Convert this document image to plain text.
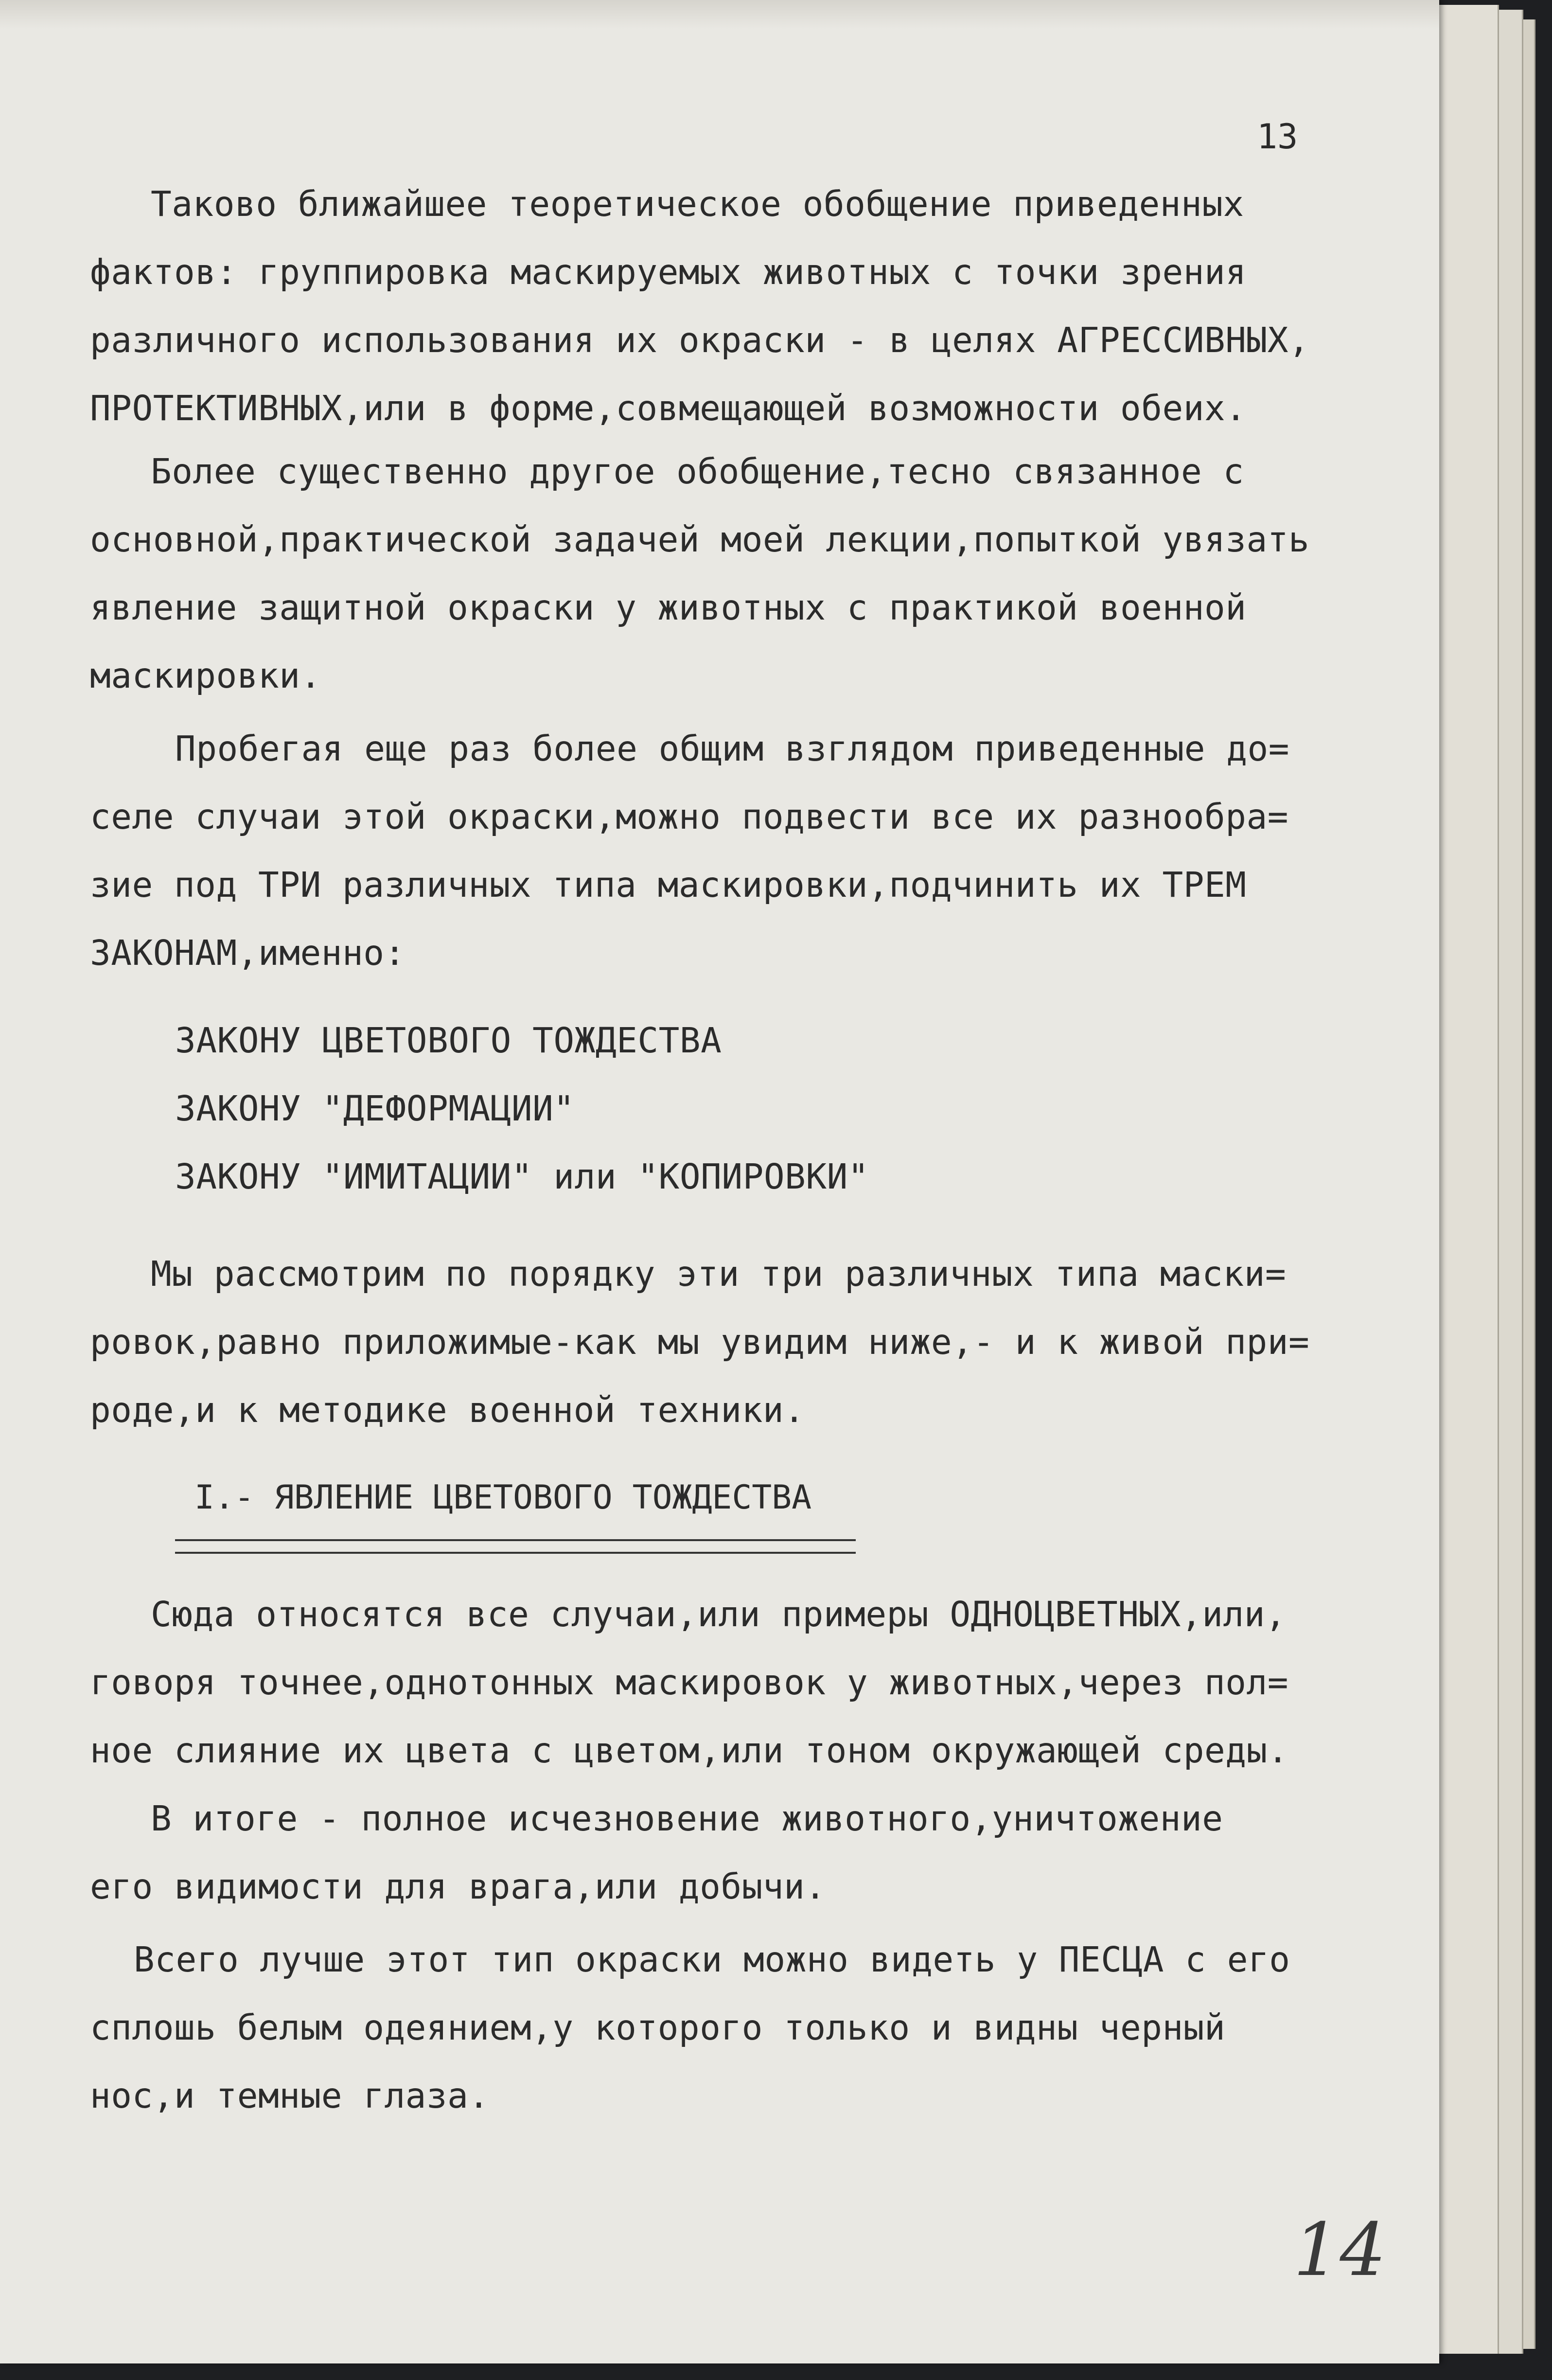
13
Таково ближайшее теоретическое обобщение приведенных
фактов: группировка маскируемых животных с точки зрения
различного использования их окраски - в целях АГРЕССИВНЫХ,
ПРОТЕКТИВНЫХ,или в форме,совмещающей возможности обеих.
Более существенно другое обобщение,тесно связанное с
основной,практической задачей моей лекции,попыткой увязать
явление защитной окраски у животных с практикой военной
маскировки.
Пробегая еще раз более общим взглядом приведенные до=
селе случаи этой окраски,можно подвести все их разнообра=
зие под ТРИ различных типа маскировки,подчинить их ТРЕМ
ЗАКОНАМ,именно:
ЗАКОНУ ЦВЕТОВОГО ТОЖДЕСТВА
ЗАКОНУ "ДЕФОРМАЦИИ"
ЗАКОНУ "ИМИТАЦИИ" или "КОПИРОВКИ"
Мы рассмотрим по порядку эти три различных типа маски=
ровок,равно приложимые-как мы увидим ниже,- и к живой при=
роде,и к методике военной техники.
I.- ЯВЛЕНИЕ ЦВЕТОВОГО ТОЖДЕСТВА
Сюда относятся все случаи,или примеры ОДНОЦВЕТНЫХ,или,
говоря точнее,однотонных маскировок у животных,через пол=
ное слияние их цвета с цветом,или тоном окружающей среды.
В итоге - полное исчезновение животного,уничтожение
его видимости для врага,или добычи.
Всего лучше этот тип окраски можно видеть у ПЕСЦА с его
сплошь белым одеянием,у которого только и видны черный
нос,и темные глаза.
14
